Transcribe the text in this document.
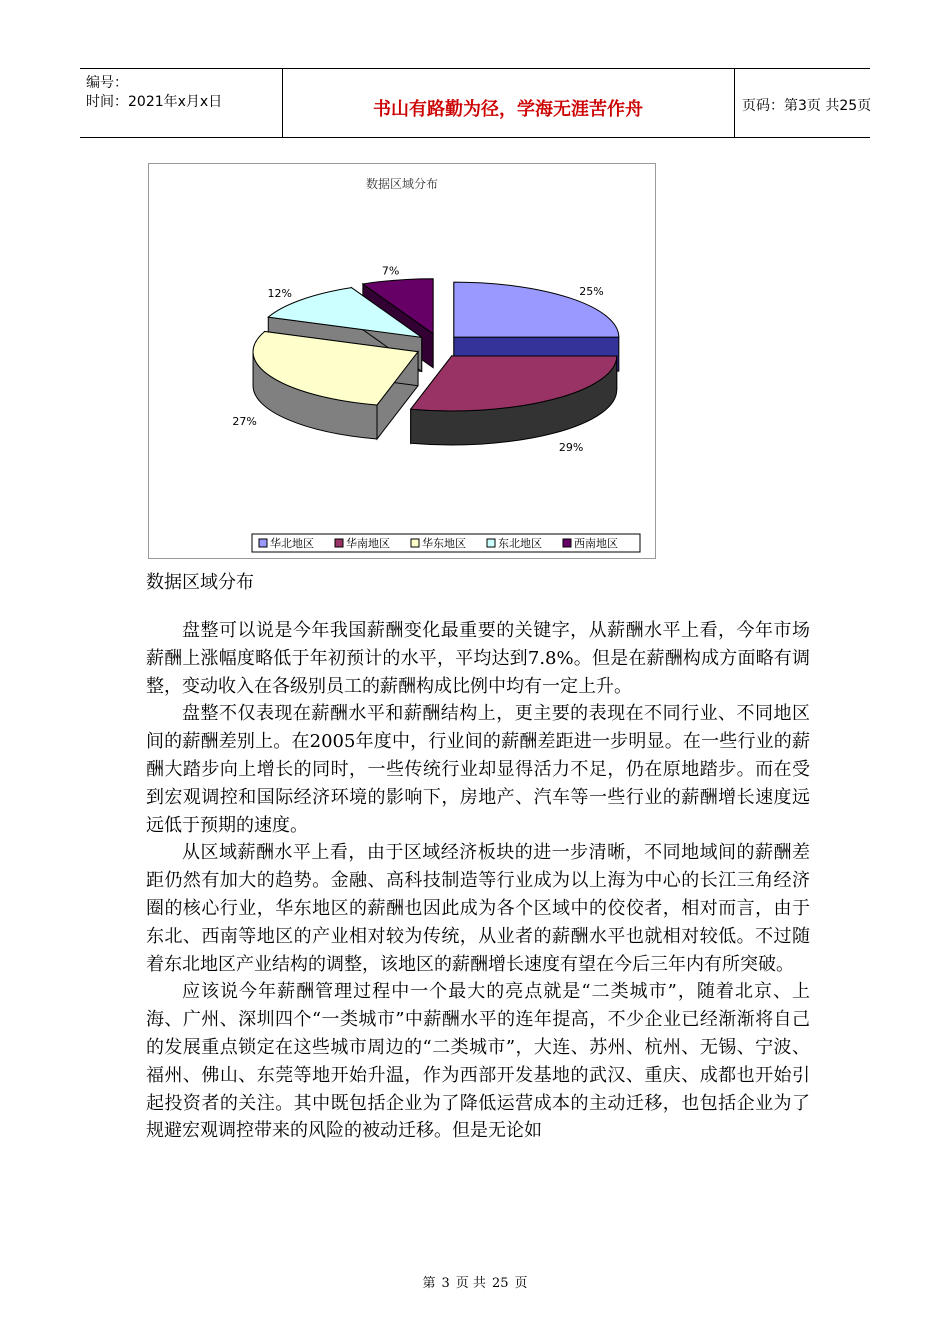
编号：
时间：2021年x月x日	书山有路勤为径，学海无涯苦作舟	页码：第3页 共25页
数据区域分布
25%
29%
27%
12%
7%
华北地区	华南地区	华东地区	东北地区	西南地区
数据区域分布

盘整可以说是今年我国薪酬变化最重要的关键字，从薪酬水平上看，今年市场薪酬上涨幅度略低于年初预计的水平，平均达到7.8%。但是在薪酬构成方面略有调整，变动收入在各级别员工的薪酬构成比例中均有一定上升。

盘整不仅表现在薪酬水平和薪酬结构上，更主要的表现在不同行业、不同地区间的薪酬差别上。在2005年度中，行业间的薪酬差距进一步明显。在一些行业的薪酬大踏步向上增长的同时，一些传统行业却显得活力不足，仍在原地踏步。而在受到宏观调控和国际经济环境的影响下，房地产、汽车等一些行业的薪酬增长速度远远低于预期的速度。

从区域薪酬水平上看，由于区域经济板块的进一步清晰，不同地域间的薪酬差距仍然有加大的趋势。金融、高科技制造等行业成为以上海为中心的长江三角经济圈的核心行业，华东地区的薪酬也因此成为各个区域中的佼佼者，相对而言，由于东北、西南等地区的产业相对较为传统，从业者的薪酬水平也就相对较低。不过随着东北地区产业结构的调整，该地区的薪酬增长速度有望在今后三年内有所突破。

应该说今年薪酬管理过程中一个最大的亮点就是“二类城市”，随着北京、上海、广州、深圳四个“一类城市”中薪酬水平的连年提高，不少企业已经渐渐将自己的发展重点锁定在这些城市周边的“二类城市”，大连、苏州、杭州、无锡、宁波、福州、佛山、东莞等地开始升温，作为西部开发基地的武汉、重庆、成都也开始引起投资者的关注。其中既包括企业为了降低运营成本的主动迁移，也包括企业为了规避宏观调控带来的风险的被动迁移。但是无论如

第 3 页 共 25 页
